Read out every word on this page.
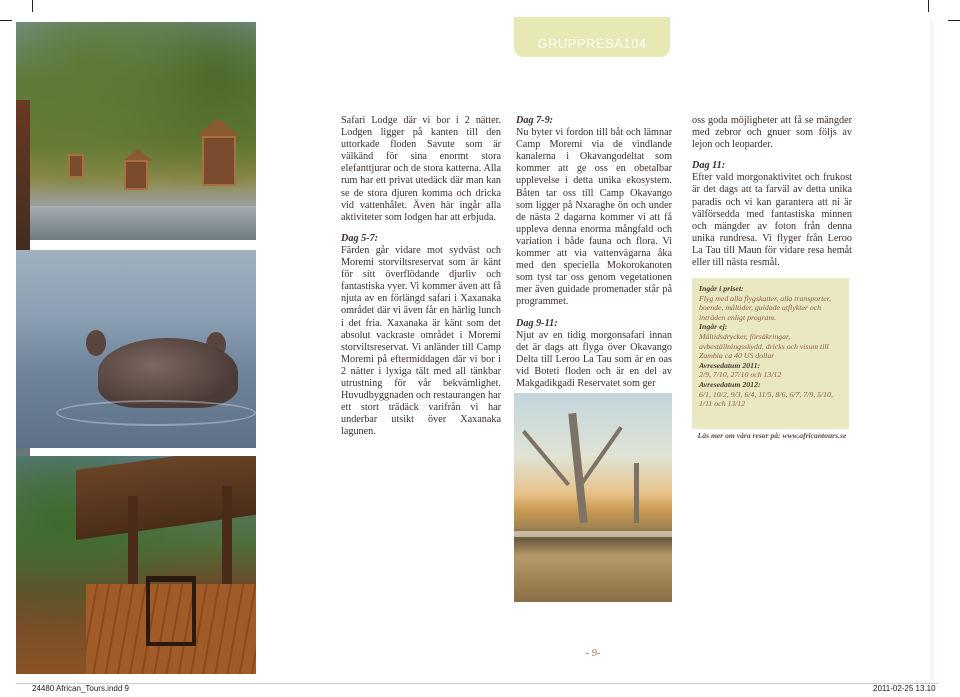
GRUPPRESA104

Safari Lodge där vi bor i 2 nätter. Lodgen ligger på kanten till den uttorkade floden Savute som är välkänd för sina enormt stora elefanttjurar och de stora katterna. Alla rum har ett privat utedäck där man kan se de stora djuren komma och dricka vid vattenhålet. Även här ingår alla aktiviteter som lodgen har att erbjuda.

Dag 5-7:

Färden går vidare mot sydväst och Moremi storviltsreservat som är känt för sitt överflödande djurliv och fantastiska vyer. Vi kommer även att få njuta av en förlängd safari i Xaxanaka området där vi även får en härlig lunch i det fria. Xaxanaka är känt som det absolut vackraste området i Moremi storviltsreservat. Vi anländer till Camp Moremi på eftermiddagen där vi bor i 2 nätter i lyxiga tält med all tänkbar utrustning för vår bekvämlighet. Huvudbyggnaden och restaurangen har ett stort trädäck varifrån vi har underbar utsikt över Xaxanaka lagunen.

Dag 7-9:

Nu byter vi fordon till båt och lämnar Camp Moremi via de vindlande kanalerna i Okavangodeltat som kommer att ge oss en obetalbar upplevelse i detta unika ekosystem. Båten tar oss till Camp Okavango som ligger på Nxaraghe ön och under de nästa 2 dagarna kommer vi att få uppleva denna enorma mångfald och variation i både fauna och flora. Vi kommer att via vattenvägarna åka med den speciella Mokorokanoten som tyst tar oss genom vegetationen mer även guidade promenader står på programmet.

Dag 9-11:

Njut av en tidig morgonsafari innan det är dags att flyga över Okavango Delta till Leroo La Tau som är en oas vid Boteti floden och är en del av Makgadikgadi Reservatet som ger

oss goda möjligheter att få se mängder med zebror och gnuer som följs av lejon och leoparder.

Dag 11:

Efter vald morgonaktivitet och frukost är det dags att ta farväl av detta unika paradis och vi kan garantera att ni är välförsedda med fantastiska minnen och mängder av foton från denna unika rundresa. Vi flyger från Leroo La Tau till Maun för vidare resa hemåt eller till nästa resmål.

Ingår i priset:
Flyg med alla flygskatter, alla transporter, boende, måltider, guidade utflykter och inträden enligt program.
Ingår ej:
Måltidsdrycker, försäkringar, avbeställningsskydd, dricks och visum till Zambia ca 40 US dollar
Avresedatum 2011:
2/9, 7/10, 27/10 och 13/12
Avresedatum 2012:
6/1, 10/2, 9/3, 6/4, 11/5, 8/6, 6/7, 7/9, 5/10, 1/11 och 13/12
Läs mer om våra resor på: www.africantours.se
- 9-
24480 African_Tours.indd 9	2011-02-25 13.10
